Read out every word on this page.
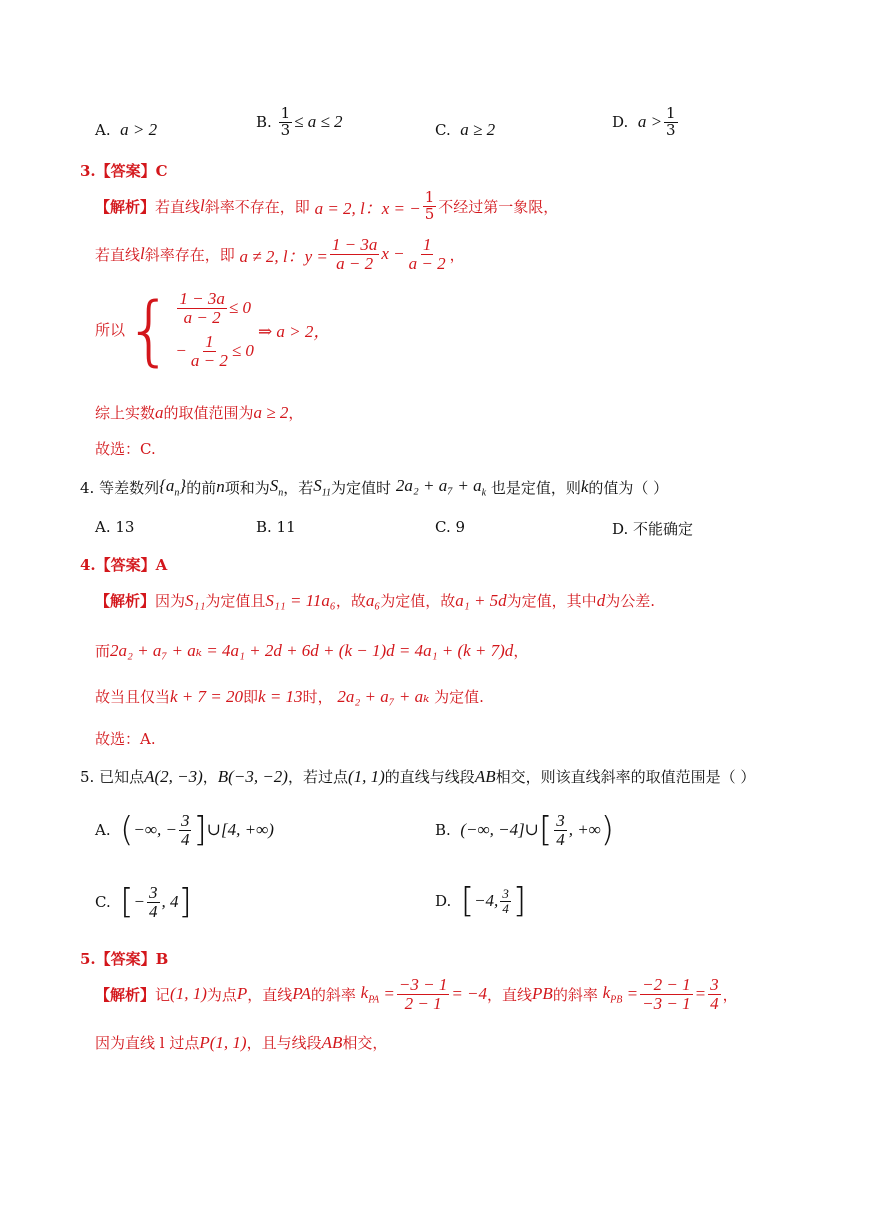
A.
a > 2	B.
$\frac{1}{3} \le a \le 2$	C.
a ≥ 2	D.
$a > \frac{1}{3}$
3.【答案】C
【解析】 若直线 l 斜率不存在，即
a = 2, l：x = − $\frac{1}{5}$ 不经过第一象限，
若直线 l 斜率存在，即
a ≠ 2, l：$y = \frac{1 - 3a}{a - 2}$ $x - \frac{1}{a - 2}$ ，
所以 { $\frac{1 - 3a}{a - 2} \le 0$
− $\frac{1}{a - 2} \le 0$
⇒ a > 2，
综上实数 a 的取值范围为 a ≥ 2 ，
故选：C.
4. 等差数列 $\{a_n\}$ 的前 n 项和为 $S_n$ ，若 $S_{11}$ 为定值时
$2a_2 + a_7 + a_k$
也是定值，则 k 的值为（ ）
A. 13	B. 11	C. 9	D. 不能确定
4.【答案】A
【解析】 因为 S₁₁ 为定值且 S₁₁ = 11a₆ ，故 a₆ 为定值，故 a₁ + 5d 为定值，其中 d 为公差.
而 2a₂ + a₇ + aₖ = 4a₁ + 2d + 6d + (k − 1)d = 4a₁ + (k + 7)d ，
故当且仅当 k + 7 = 20 即 k = 13 时，
2a₂ + a₇ + aₖ
为定值.
故选：A.
5. 已知点 A(2, −3) ， B(−3, −2) ，若过点 (1, 1) 的直线与线段 AB 相交，则该直线斜率的取值范围是（ ）
A.
( −∞, − $\frac{3}{4}$ ] ∪[4, +∞)	B.
(−∞, −4]∪ [ $\frac{3}{4}$ , +∞ )
C.
[ − $\frac{3}{4}$ , 4 ]	D.
[ −4, $\frac{3}{4}$ ]
5.【答案】B
【解析】 记 (1, 1) 为点 P ，直线 PA 的斜率
$k_{PA} = \frac{-3 - 1}{2 - 1} = -4$ ，直线 PB 的斜率
$k_{PB} = \frac{-2 - 1}{-3 - 1} = \frac{3}{4}$ ，
因为直线 l 过点 P(1, 1) ，且与线段 AB 相交，
